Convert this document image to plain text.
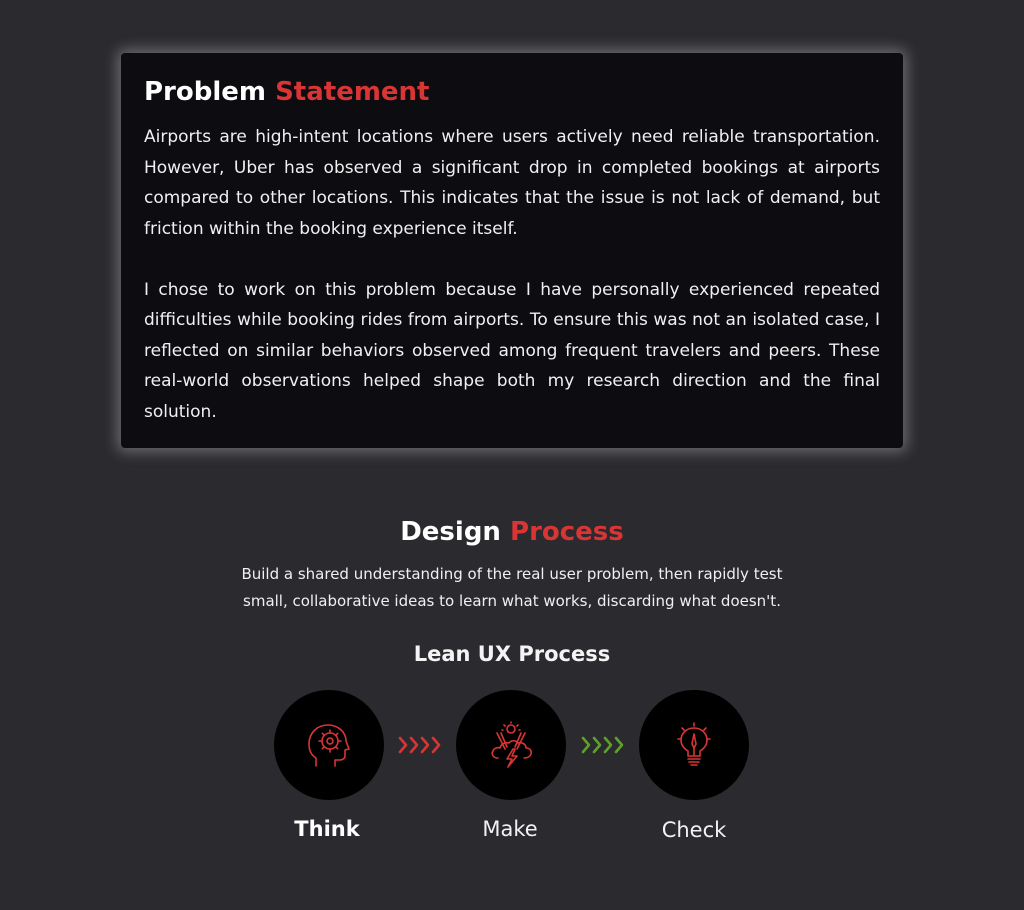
Problem Statement

Airports are high-intent locations where users actively need reliable transportation. However, Uber has observed a significant drop in completed bookings at airports compared to other locations. This indicates that the issue is not lack of demand, but friction within the booking experience itself.

I chose to work on this problem because I have personally experienced repeated difficulties while booking rides from airports. To ensure this was not an isolated case, I reflected on similar behaviors observed among frequent travelers and peers. These real-world observations helped shape both my research direction and the final solution.

Design Process

Build a shared understanding of the real user problem, then rapidly test small, collaborative ideas to learn what works, discarding what doesn't.

Lean UX Process

Think	Make	Check
